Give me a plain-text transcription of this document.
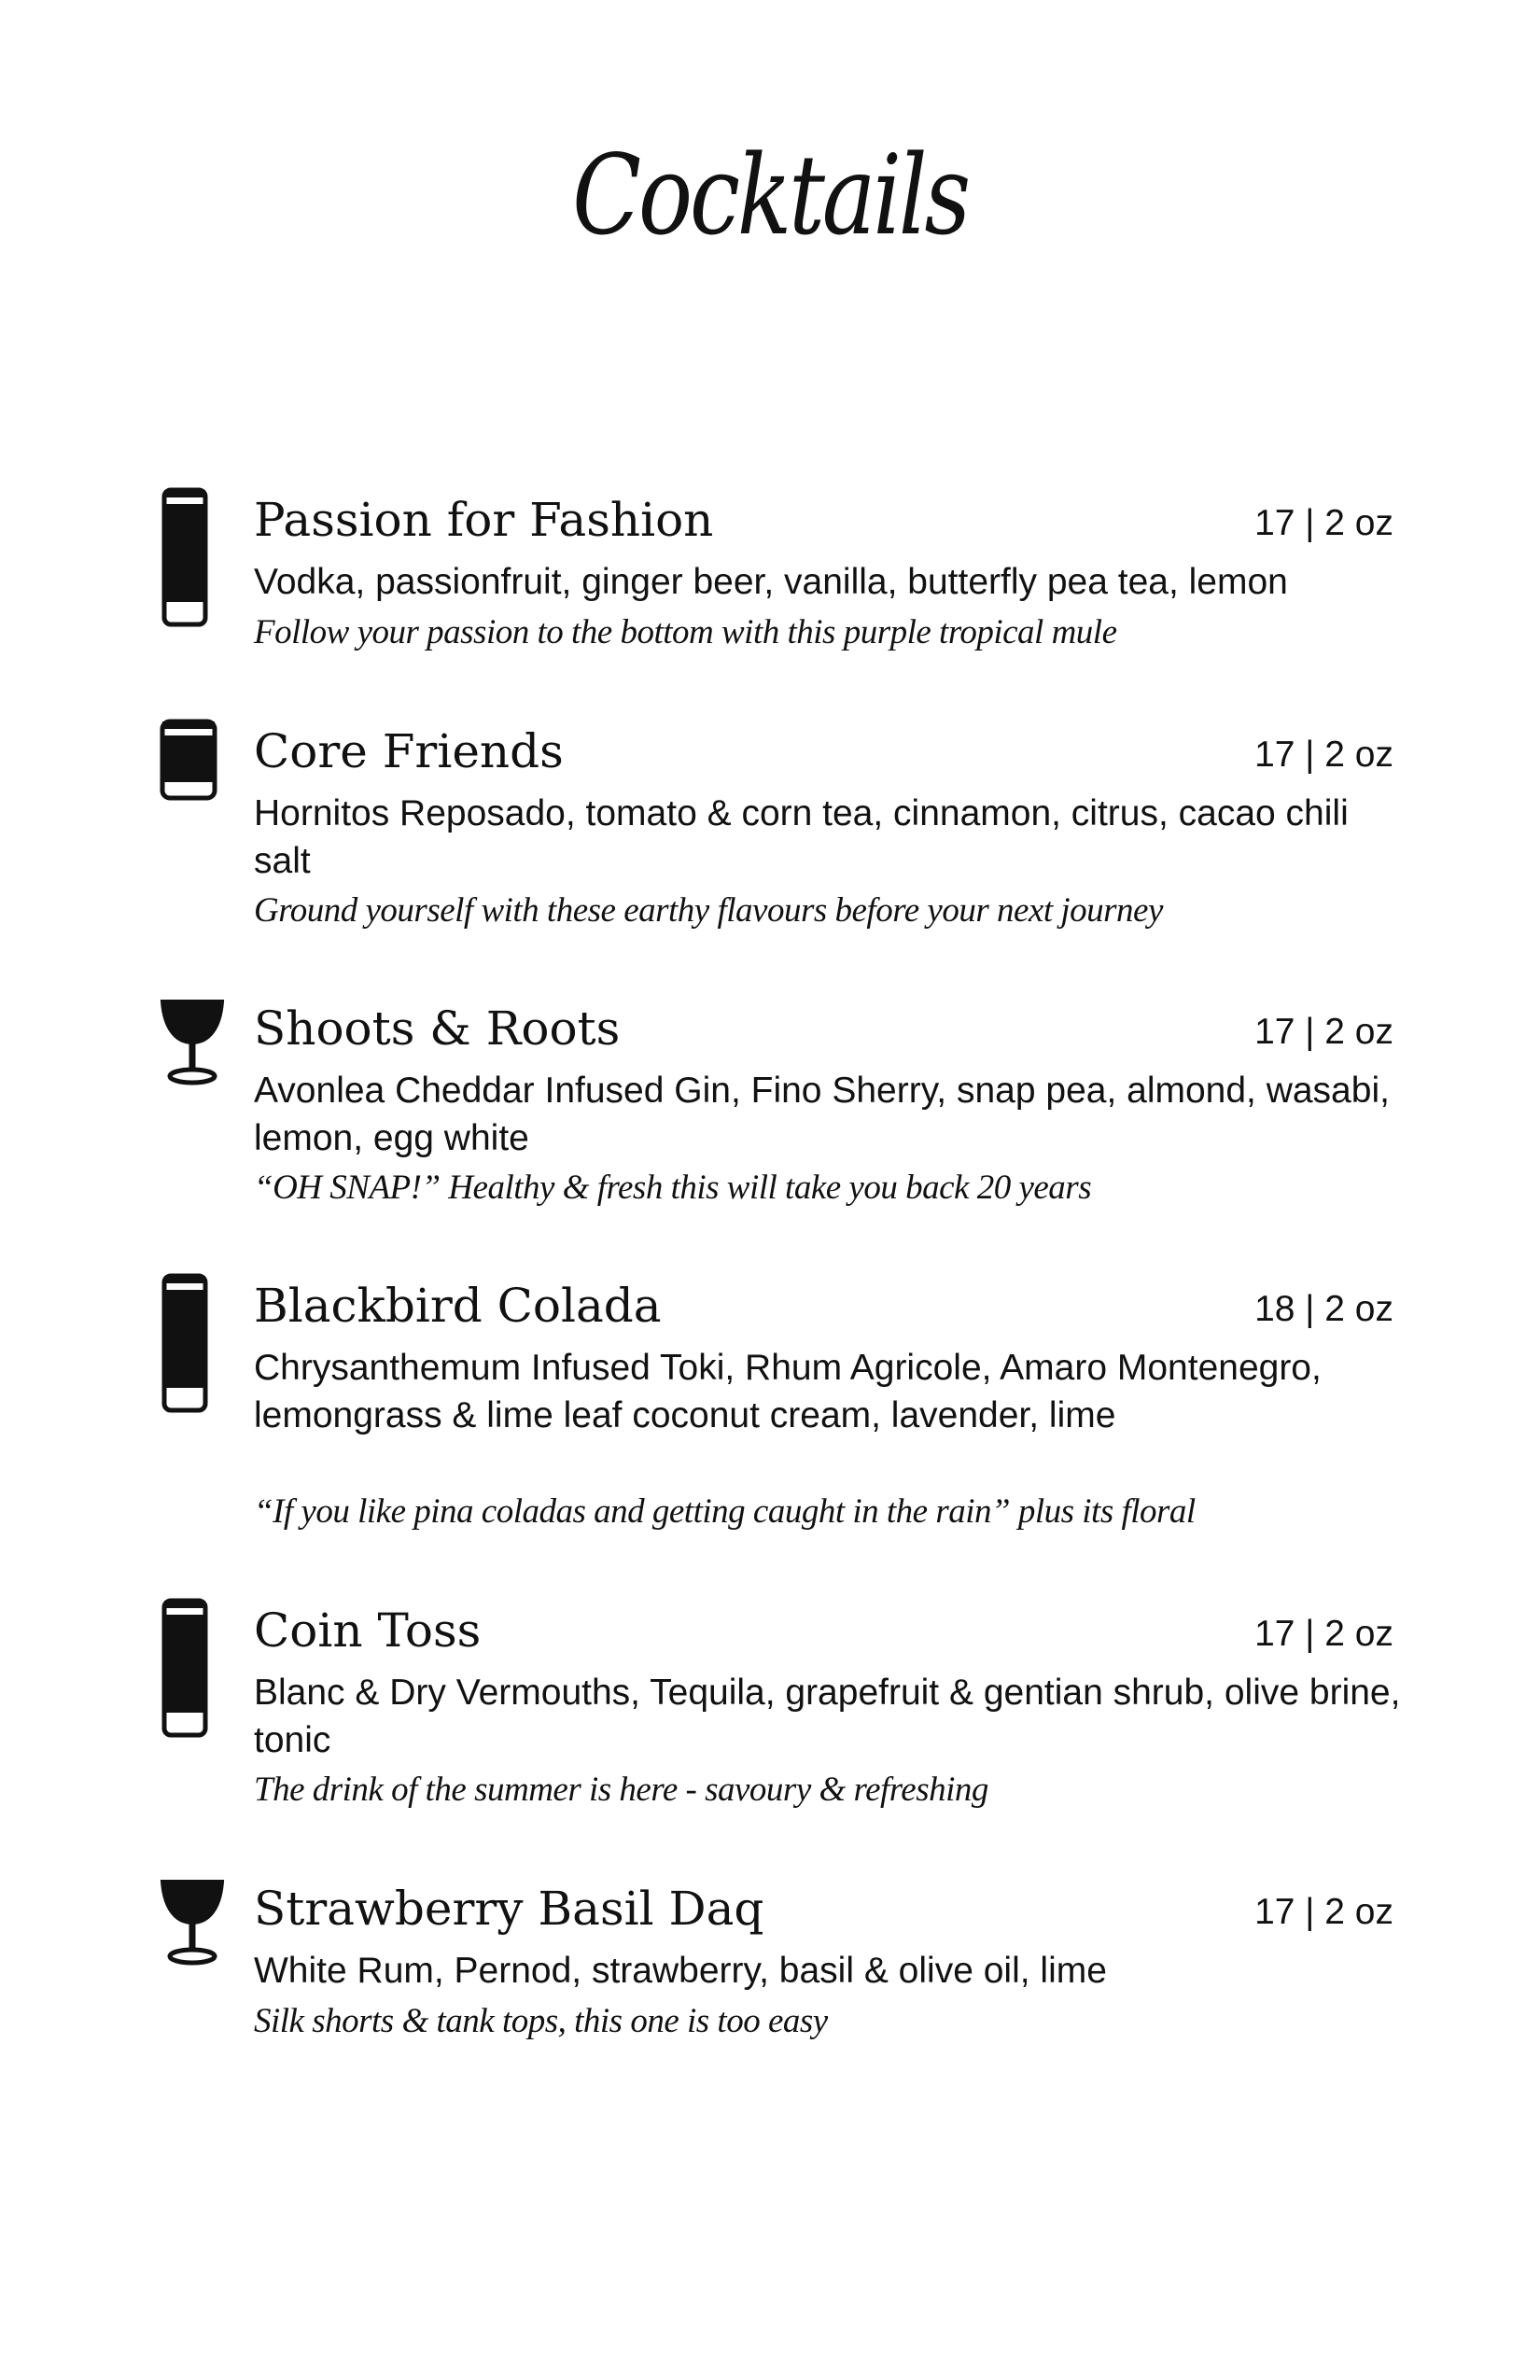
Cocktails
Passion for Fashion	17 | 2 oz
Vodka, passionfruit, ginger beer, vanilla, butterfly pea tea, lemon
Follow your passion to the bottom with this purple tropical mule
Core Friends	17 | 2 oz
Hornitos Reposado, tomato & corn tea, cinnamon, citrus, cacao chili salt
Ground yourself with these earthy flavours before your next journey
Shoots & Roots	17 | 2 oz
Avonlea Cheddar Infused Gin, Fino Sherry, snap pea, almond, wasabi, lemon, egg white
“OH SNAP!” Healthy & fresh this will take you back 20 years
Blackbird Colada	18 | 2 oz
Chrysanthemum Infused Toki, Rhum Agricole, Amaro Montenegro, lemongrass & lime leaf coconut cream, lavender, lime
“If you like pina coladas and getting caught in the rain” plus its floral
Coin Toss	17 | 2 oz
Blanc & Dry Vermouths, Tequila, grapefruit & gentian shrub, olive brine, tonic
The drink of the summer is here - savoury & refreshing
Strawberry Basil Daq	17 | 2 oz
White Rum, Pernod, strawberry, basil & olive oil, lime
Silk shorts & tank tops, this one is too easy
